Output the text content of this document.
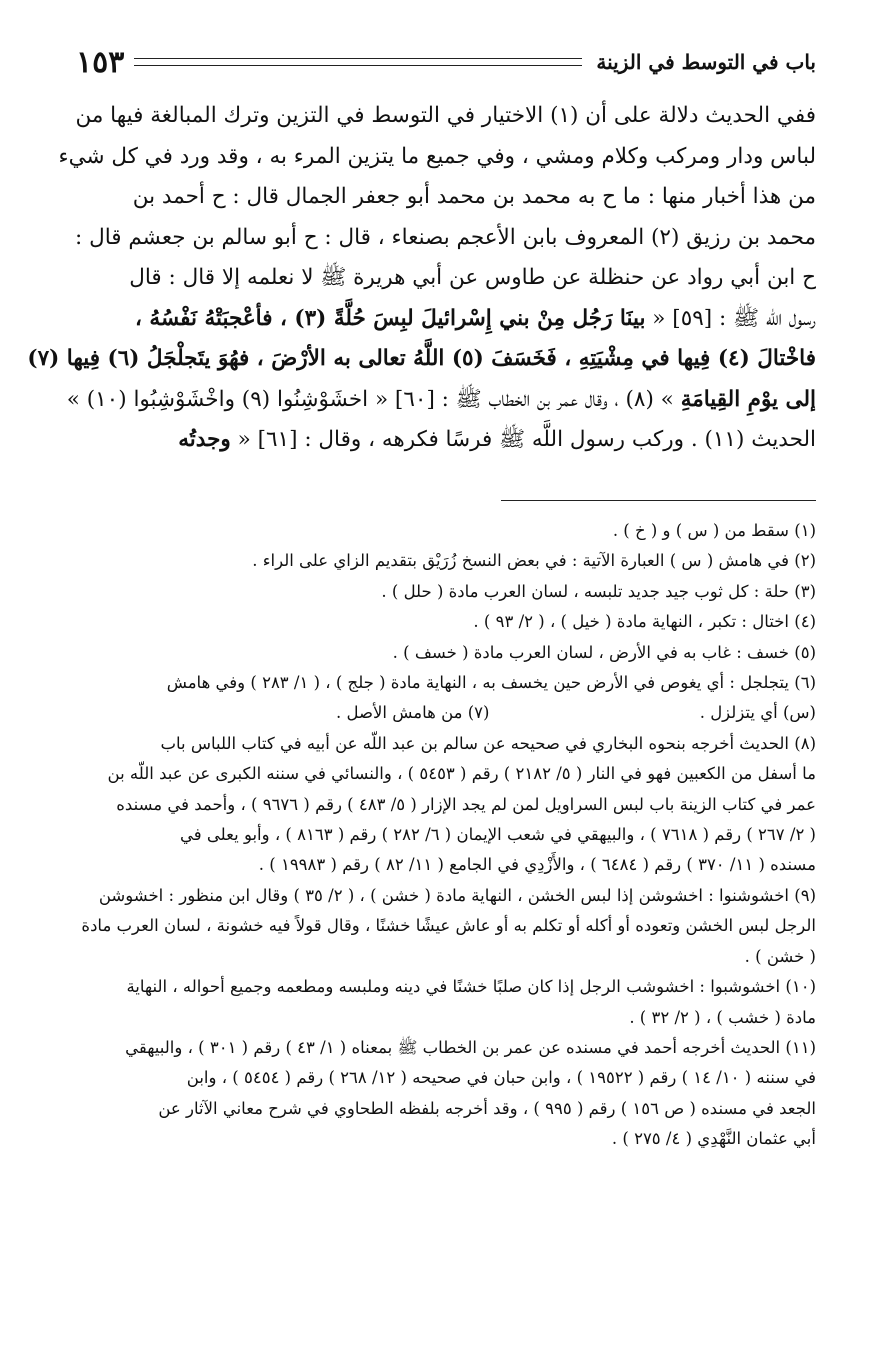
باب في التوسط في الزينة
١٥٣
ففي الحديث دلالة على أن (١) الاختيار في التوسط في التزين وترك المبالغة فيها من
لباس ودار ومركب وكلام ومشي ، وفي جميع ما يتزين المرء به ، وقد ورد في كل شيء
من هذا أخبار منها : ما ح به محمد بن محمد أبو جعفر الجمال قال : ح أحمد بن
محمد بن رزيق (٢) المعروف بابن الأعجم بصنعاء ، قال : ح أبو سالم بن جعشم قال :
ح ابن أبي رواد عن حنظلة عن طاوس عن أبي هريرة ﷺ لا نعلمه إلا قال : قال
رسول اللّه ﷺ : [٥٩] « بينَا رَجُل مِنْ بني إِسْرائيلَ لبِسَ حُلَّةً (٣) ، فأعْجبَتْهُ نَفْسُهُ ،
فاخْتالَ (٤) فِيها في مِشْيَتِهِ ، فَخَسَفَ (٥) اللَّهُ تعالى به الأرْضَ ، فهُوَ يتَجلْجَلُ (٦) فِيها (٧)
إلى يوْمِ القِيامَةِ » (٨) ، وقال عمر بن الخطاب ﷺ : [٦٠] « اخشَوْشِنُوا (٩) واخْشَوْشِبُوا (١٠) »
الحديث (١١) . وركب رسول اللَّه ﷺ فرسًا فكرهه ، وقال : [٦١] « وجدتُه
(١) سقط من ( س ) و ( خ ) .
(٢) في هامش ( س ) العبارة الآتية : في بعض النسخ زُرَيْق بتقديم الزاي على الراء .
(٣) حلة : كل ثوب جيد جديد تلبسه ، لسان العرب مادة ( حلل ) .
(٤) اختال : تكبر ، النهاية مادة ( خيل ) ، ( ٢/ ٩٣ ) .
(٥) خسف : غاب به في الأرض ، لسان العرب مادة ( خسف ) .
(٦) يتجلجل : أي يغوص في الأرض حين يخسف به ، النهاية مادة ( جلج ) ، ( ١/ ٢٨٣ ) وفي هامش
(س) أي يتزلزل .
(٧) من هامش الأصل .
(٨) الحديث أخرجه بنحوه البخاري في صحيحه عن سالم بن عبد اللّه عن أبيه في كتاب اللباس باب
ما أسفل من الكعبين فهو في النار ( ٥/ ٢١٨٢ ) رقم ( ٥٤٥٣ ) ، والنسائي في سننه الكبرى عن عبد اللّه بن
عمر في كتاب الزينة باب لبس السراويل لمن لم يجد الإزار ( ٥/ ٤٨٣ ) رقم ( ٩٦٧٦ ) ، وأحمد في مسنده
( ٢/ ٢٦٧ ) رقم ( ٧٦١٨ ) ، والبيهقي في شعب الإيمان ( ٦/ ٢٨٢ ) رقم ( ٨١٦٣ ) ، وأبو يعلى في
مسنده ( ١١/ ٣٧٠ ) رقم ( ٦٤٨٤ ) ، والأَزْدِي في الجامع ( ١١/ ٨٢ ) رقم ( ١٩٩٨٣ ) .
(٩) اخشوشنوا : اخشوشن إذا لبس الخشن ، النهاية مادة ( خشن ) ، ( ٢/ ٣٥ ) وقال ابن منظور : اخشوشن
الرجل لبس الخشن وتعوده أو أكله أو تكلم به أو عاش عيشًا خشنًا ، وقال قولاً فيه خشونة ، لسان العرب مادة
( خشن ) .
(١٠) اخشوشبوا : اخشوشب الرجل إذا كان صلبًا خشنًا في دينه وملبسه ومطعمه وجميع أحواله ، النهاية
مادة ( خشب ) ، ( ٢/ ٣٢ ) .
(١١) الحديث أخرجه أحمد في مسنده عن عمر بن الخطاب ﷺ بمعناه ( ١/ ٤٣ ) رقم ( ٣٠١ ) ، والبيهقي
في سننه ( ١٠/ ١٤ ) رقم ( ١٩٥٢٢ ) ، وابن حبان في صحيحه ( ١٢/ ٢٦٨ ) رقم ( ٥٤٥٤ ) ، وابن
الجعد في مسنده ( ص ١٥٦ ) رقم ( ٩٩٥ ) ، وقد أخرجه بلفظه الطحاوي في شرح معاني الآثار عن
أبي عثمان النَّهْدِي ( ٤/ ٢٧٥ ) .
